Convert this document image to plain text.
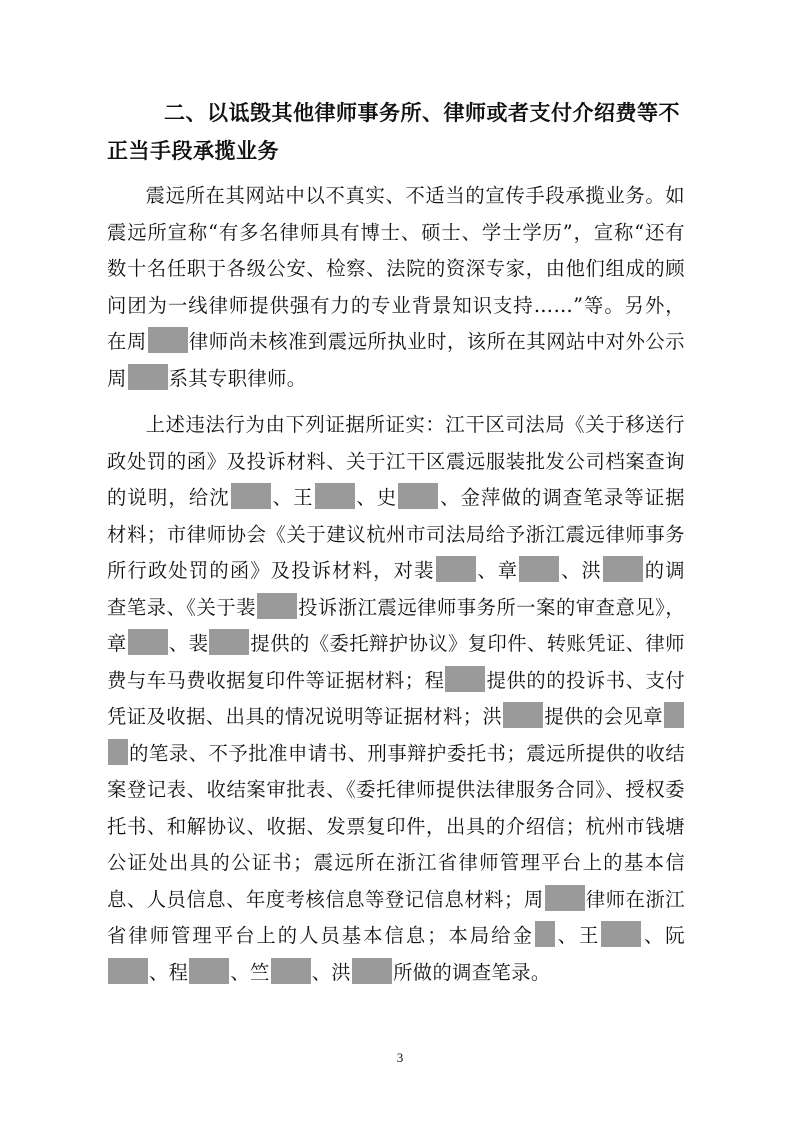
二、以诋毁其他律师事务所、律师或者支付介绍费等不
正当手段承揽业务

震远所在其网站中以不真实、不适当的宣传手段承揽业务。如震远所宣称“有多名律师具有博士、硕士、学士学历”，宣称“还有数十名任职于各级公安、检察、法院的资深专家，由他们组成的顾问团为一线律师提供强有力的专业背景知识支持……”等。另外，在周 律师尚未核准到震远所执业时，该所在其网站中对外公示周 系其专职律师。

上述违法行为由下列证据所证实：江干区司法局《关于移送行政处罚的函》及投诉材料、关于江干区震远服装批发公司档案查询的说明，给沈 、王 、史 、金萍做的调查笔录等证据材料；市律师协会《关于建议杭州市司法局给予浙江震远律师事务所行政处罚的函》及投诉材料，对裴 、章 、洪 的调查笔录、《关于裴 投诉浙江震远律师事务所一案的审查意见》，章 、裴 提供的《委托辩护协议》复印件、转账凭证、律师费与车马费收据复印件等证据材料；程 提供的的投诉书、支付凭证及收据、出具的情况说明等证据材料；洪 提供的会见章的笔录、不予批准申请书、刑事辩护委托书；震远所提供的收结案登记表、收结案审批表、《委托律师提供法律服务合同》、授权委托书、和解协议、收据、发票复印件，出具的介绍信；杭州市钱塘公证处出具的公证书；震远所在浙江省律师管理平台上的基本信息、人员信息、年度考核信息等登记信息材料；周 律师在浙江省律师管理平台上的人员基本信息；本局给金 、王 、阮、程 、竺 、洪 所做的调查笔录。

3
